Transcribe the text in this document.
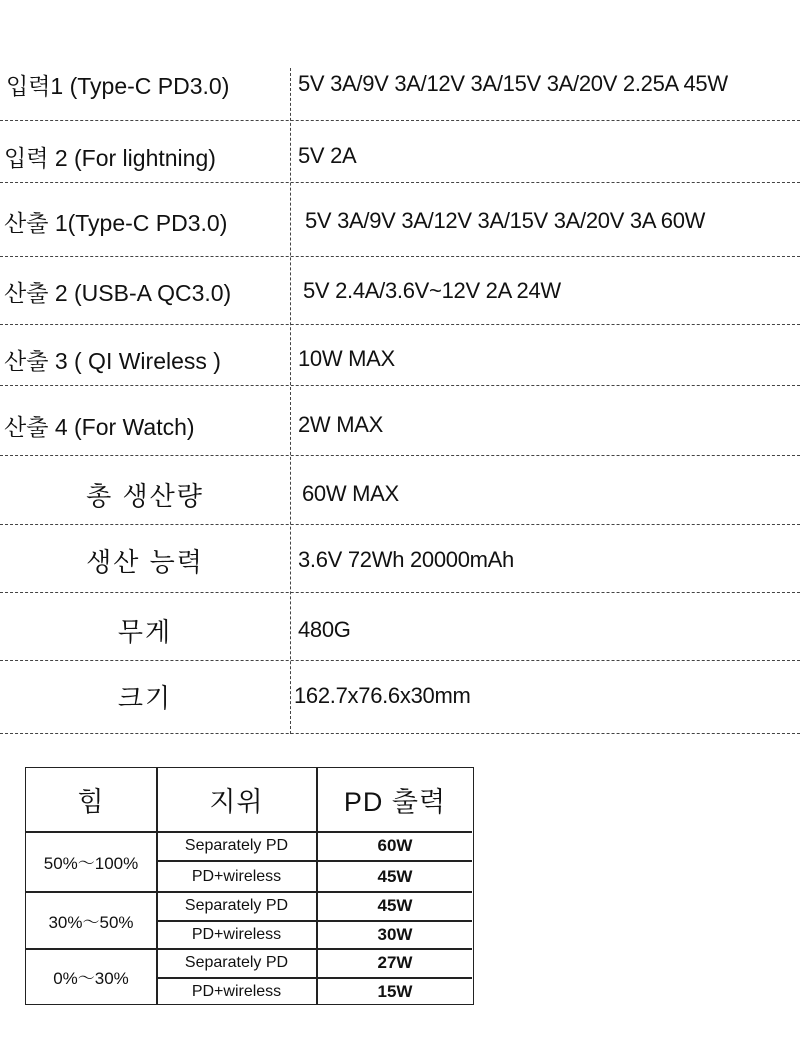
입력1 (Type-C PD3.0)	5V 3A/9V 3A/12V 3A/15V 3A/20V 2.25A 45W
입력 2 (For lightning)	5V 2A
산출 1(Type-C PD3.0)	5V 3A/9V 3A/12V 3A/15V 3A/20V 3A 60W
산출 2 (USB-A QC3.0)	5V 2.4A/3.6V~12V 2A 24W
산출 3 ( QI Wireless )	10W MAX
산출 4 (For Watch)	2W MAX
총 생산량	60W MAX
생산 능력	3.6V 72Wh 20000mAh
무게	480G
크기	162.7x76.6x30mm
힘	지위	PD 출력
50%～100%
Separately PD	60W
PD+wireless	45W
30%～50%
Separately PD	45W
PD+wireless	30W
0%～30%
Separately PD	27W
PD+wireless	15W
